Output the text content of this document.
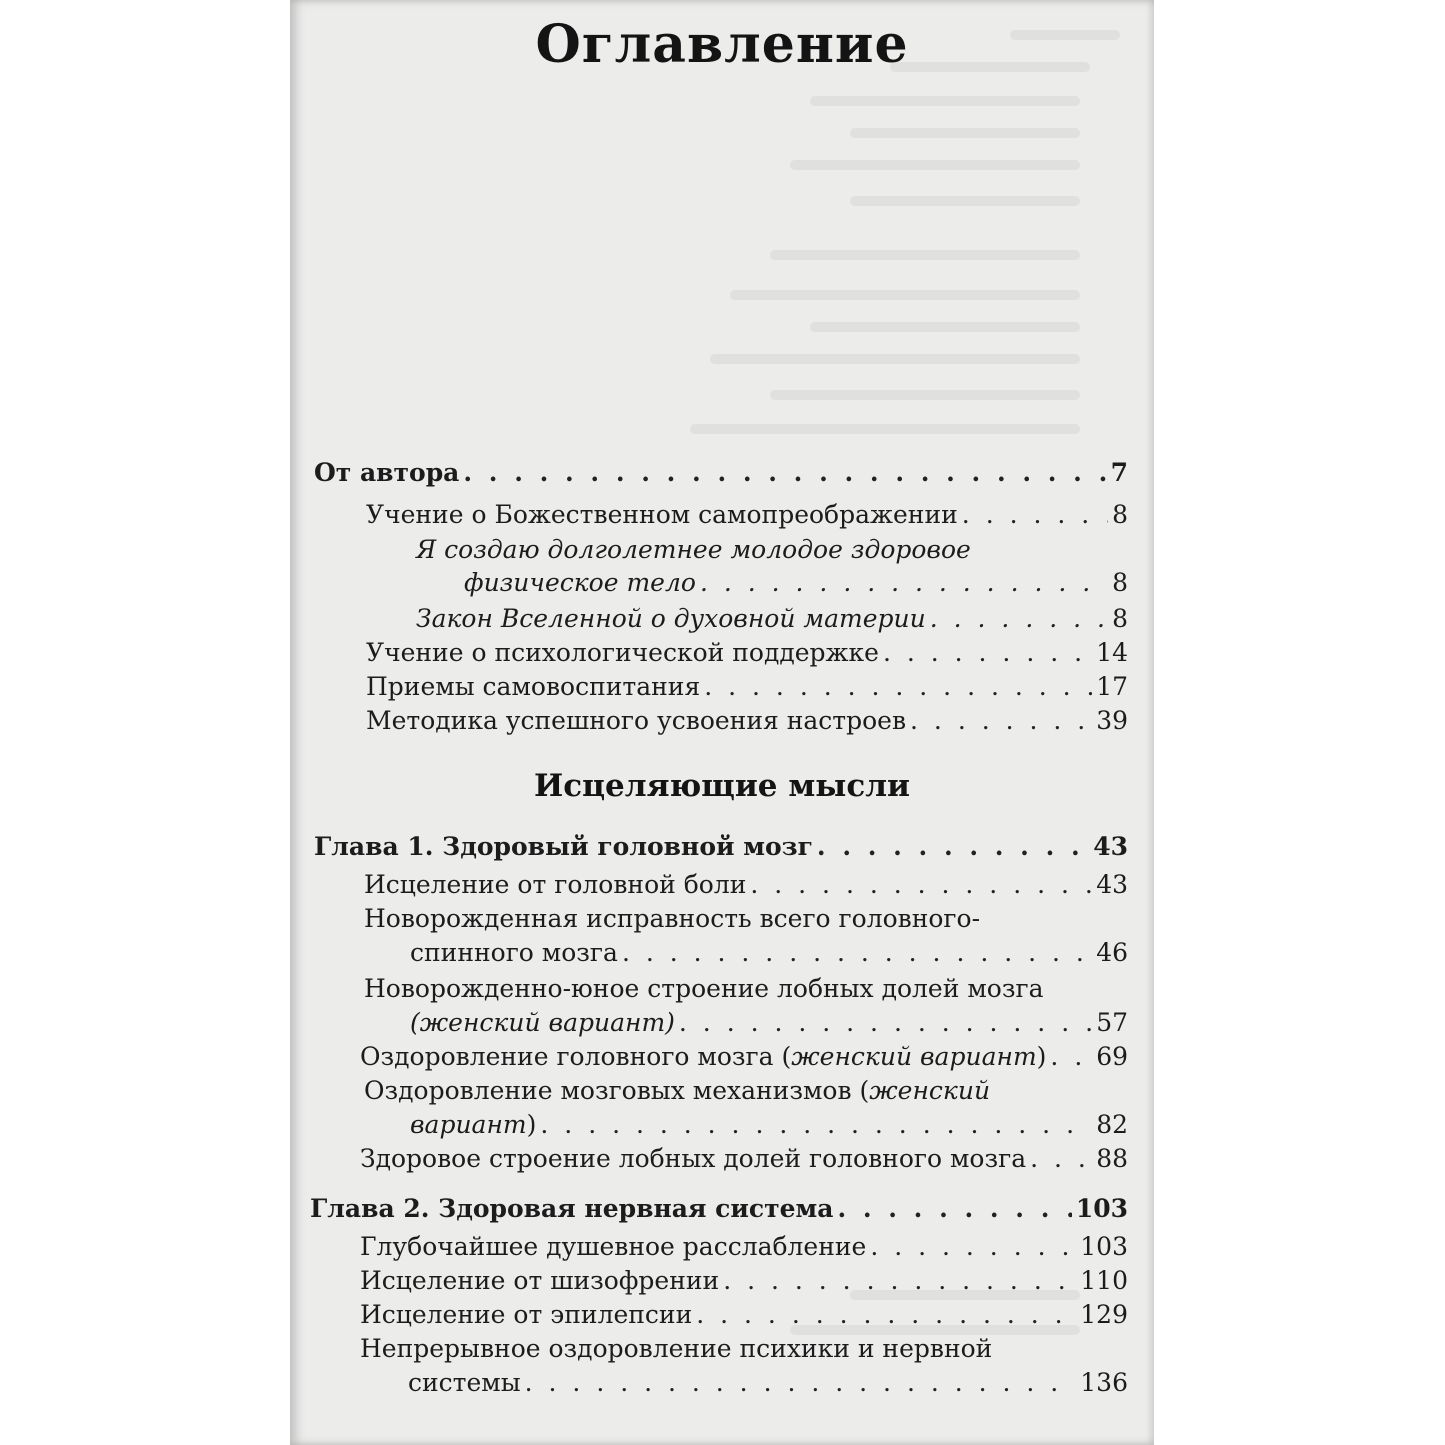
Оглавление
От автора . . .	7
Учение о Божественном самопреображении . . .	8
Я создаю долголетнее молодое здоровое
физическое тело . . .	8
Закон Вселенной о духовной материи . . .	8
Учение о психологической поддержке . . .	14
Приемы самовоспитания . . .	17
Методика успешного усвоения настроев . . .	39
Исцеляющие мысли
Глава 1. Здоровый головной мозг . . .	43
Исцеление от головной боли . . .	43
Новорожденная исправность всего головного-
спинного мозга . . .	46
Новорожденно-юное строение лобных долей мозга
(женский вариант) . . .	57
Оздоровление головного мозга (женский вариант) . . . 69
Оздоровление мозговых механизмов (женский
вариант) . . .	82
Здоровое строение лобных долей головного мозга . . .	88
Глава 2. Здоровая нервная система . . .	103
Глубочайшее душевное расслабление . . .	103
Исцеление от шизофрении . . .	110
Исцеление от эпилепсии . . .	129
Непрерывное оздоровление психики и нервной
системы . . .	136
